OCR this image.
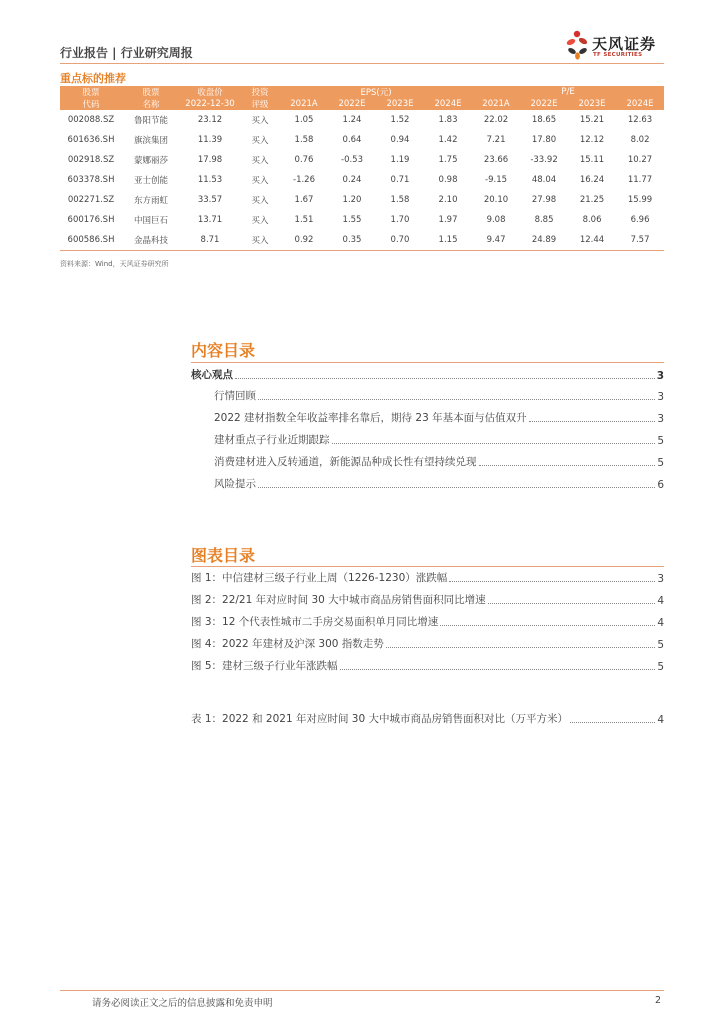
行业报告 | 行业研究周报	天风证券
TF SECURITIES
重点标的推荐
股票	股票	收盘价	投资	EPS(元)				P/E			
代码	名称	2022-12-30	评级	2021A	2022E	2023E	2024E	2021A	2022E	2023E	2024E
002088.SZ	鲁阳节能	23.12	买入	1.05	1.24	1.52	1.83	22.02	18.65	15.21	12.63
601636.SH	旗滨集团	11.39	买入	1.58	0.64	0.94	1.42	7.21	17.80	12.12	8.02
002918.SZ	蒙娜丽莎	17.98	买入	0.76	-0.53	1.19	1.75	23.66	-33.92	15.11	10.27
603378.SH	亚士创能	11.53	买入	-1.26	0.24	0.71	0.98	-9.15	48.04	16.24	11.77
002271.SZ	东方雨虹	33.57	买入	1.67	1.20	1.58	2.10	20.10	27.98	21.25	15.99
600176.SH	中国巨石	13.71	买入	1.51	1.55	1.70	1.97	9.08	8.85	8.06	6.96
600586.SH	金晶科技	8.71	买入	0.92	0.35	0.70	1.15	9.47	24.89	12.44	7.57
资料来源：Wind，天风证券研究所
内容目录
核心观点	3
行情回顾	3
2022 建材指数全年收益率排名靠后，期待 23 年基本面与估值双升	3
建材重点子行业近期跟踪	5
消费建材进入反转通道，新能源品种成长性有望持续兑现	5
风险提示	6
图表目录
图 1：中信建材三级子行业上周（1226-1230）涨跌幅	3
图 2：22/21 年对应时间 30 大中城市商品房销售面积同比增速	4
图 3：12 个代表性城市二手房交易面积单月同比增速	4
图 4：2022 年建材及沪深 300 指数走势	5
图 5：建材三级子行业年涨跌幅	5
表 1：2022 和 2021 年对应时间 30 大中城市商品房销售面积对比（万平方米）	4
请务必阅读正文之后的信息披露和免责申明	2
